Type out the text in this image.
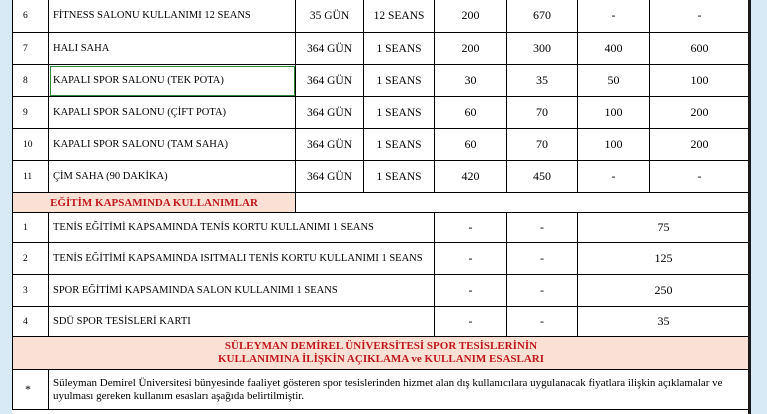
6	FİTNESS SALONU KULLANIMI 12 SEANS	35 GÜN	12 SEANS	200	670	-	-
7	HALI SAHA	364 GÜN	1 SEANS	200	300	400	600
8	KAPALI SPOR SALONU (TEK POTA)	364 GÜN	1 SEANS	30	35	50	100
9	KAPALI SPOR SALONU (ÇİFT POTA)	364 GÜN	1 SEANS	60	70	100	200
10	KAPALI SPOR SALONU (TAM SAHA)	364 GÜN	1 SEANS	60	70	100	200
11	ÇİM SAHA (90 DAKİKA)	364 GÜN	1 SEANS	420	450	-	-
EĞİTİM KAPSAMINDA KULLANIMLAR							
1	TENİS EĞİTİMİ KAPSAMINDA TENİS KORTU KULLANIMI 1 SEANS			-	-	75	
2	TENİS EĞİTİMİ KAPSAMINDA ISITMALI TENİS KORTU KULLANIMI 1 SEANS			-	-	125	
3	SPOR EĞİTİMİ KAPSAMINDA SALON KULLANIMI 1 SEANS			-	-	250	
4	SDÜ SPOR TESİSLERİ KARTI			-	-	35	

SÜLEYMAN DEMİREL ÜNİVERSİTESİ SPOR TESİSLERİNİN
KULLANIMINA İLİŞKİN AÇIKLAMA ve KULLANIM ESASLARI							

*	Süleyman Demirel Üniversitesi bünyesinde faaliyet gösteren spor tesislerinden hizmet alan dış kullanıcılara uygulanacak fiyatlara ilişkin açıklamalar ve uyulması gereken kullanım esasları aşağıda belirtilmiştir.						
